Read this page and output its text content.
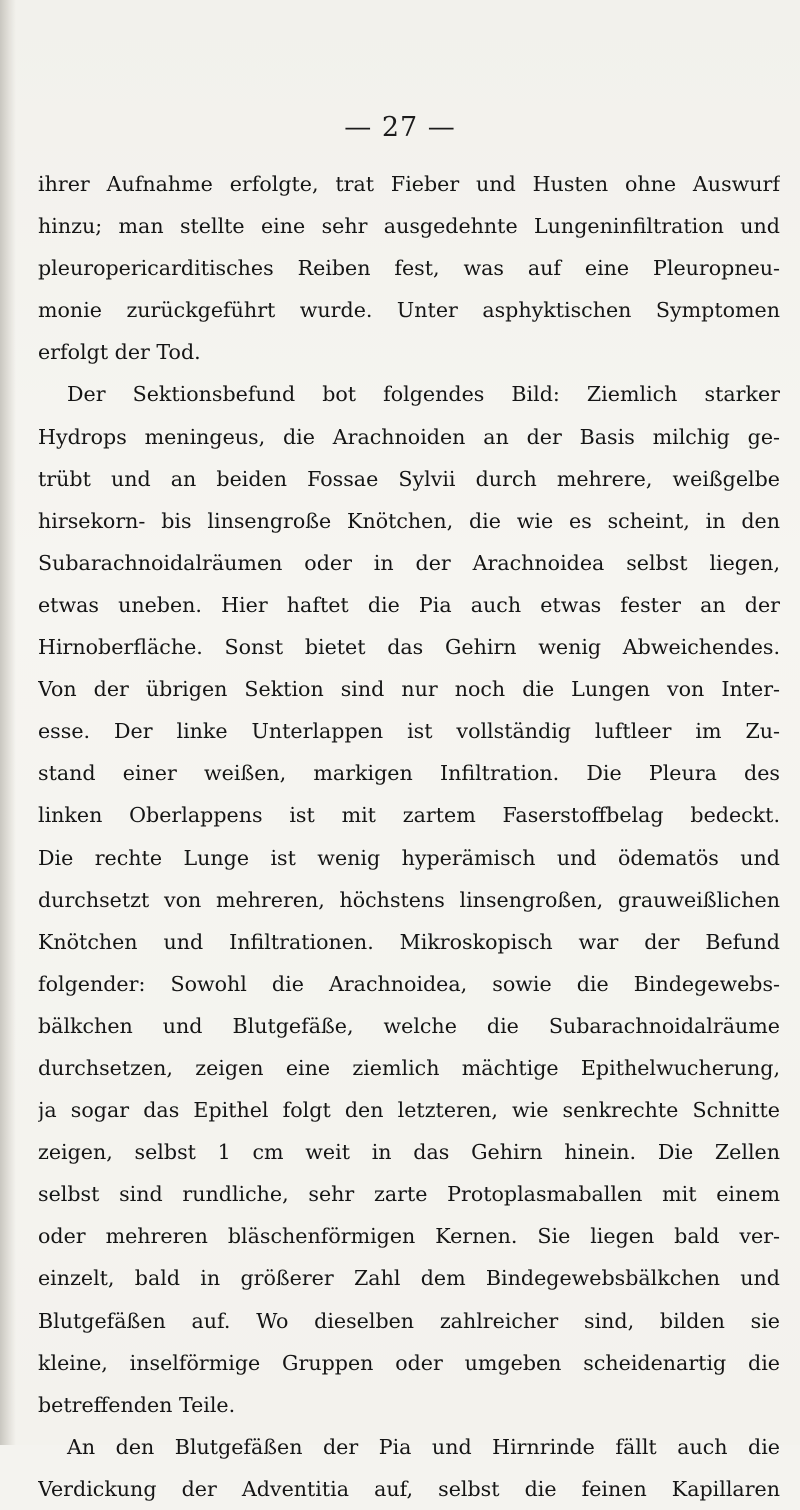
— 27 —
ihrer Aufnahme erfolgte, trat Fieber und Husten ohne Auswurf
hinzu; man stellte eine sehr ausgedehnte Lungeninfiltration und
pleuropericarditisches Reiben fest, was auf eine Pleuropneu-
monie zurückgeführt wurde. Unter asphyktischen Symptomen
erfolgt der Tod.
Der Sektionsbefund bot folgendes Bild: Ziemlich starker
Hydrops meningeus, die Arachnoiden an der Basis milchig ge-
trübt und an beiden Fossae Sylvii durch mehrere, weißgelbe
hirsekorn- bis linsengroße Knötchen, die wie es scheint, in den
Subarachnoidalräumen oder in der Arachnoidea selbst liegen,
etwas uneben. Hier haftet die Pia auch etwas fester an der
Hirnoberfläche. Sonst bietet das Gehirn wenig Abweichendes.
Von der übrigen Sektion sind nur noch die Lungen von Inter-
esse. Der linke Unterlappen ist vollständig luftleer im Zu-
stand einer weißen, markigen Infiltration. Die Pleura des
linken Oberlappens ist mit zartem Faserstoffbelag bedeckt.
Die rechte Lunge ist wenig hyperämisch und ödematös und
durchsetzt von mehreren, höchstens linsengroßen, grauweißlichen
Knötchen und Infiltrationen. Mikroskopisch war der Befund
folgender: Sowohl die Arachnoidea, sowie die Bindegewebs-
bälkchen und Blutgefäße, welche die Subarachnoidalräume
durchsetzen, zeigen eine ziemlich mächtige Epithelwucherung,
ja sogar das Epithel folgt den letzteren, wie senkrechte Schnitte
zeigen, selbst 1 cm weit in das Gehirn hinein. Die Zellen
selbst sind rundliche, sehr zarte Protoplasmaballen mit einem
oder mehreren bläschenförmigen Kernen. Sie liegen bald ver-
einzelt, bald in größerer Zahl dem Bindegewebsbälkchen und
Blutgefäßen auf. Wo dieselben zahlreicher sind, bilden sie
kleine, inselförmige Gruppen oder umgeben scheidenartig die
betreffenden Teile.
An den Blutgefäßen der Pia und Hirnrinde fällt auch die
Verdickung der Adventitia auf, selbst die feinen Kapillaren
